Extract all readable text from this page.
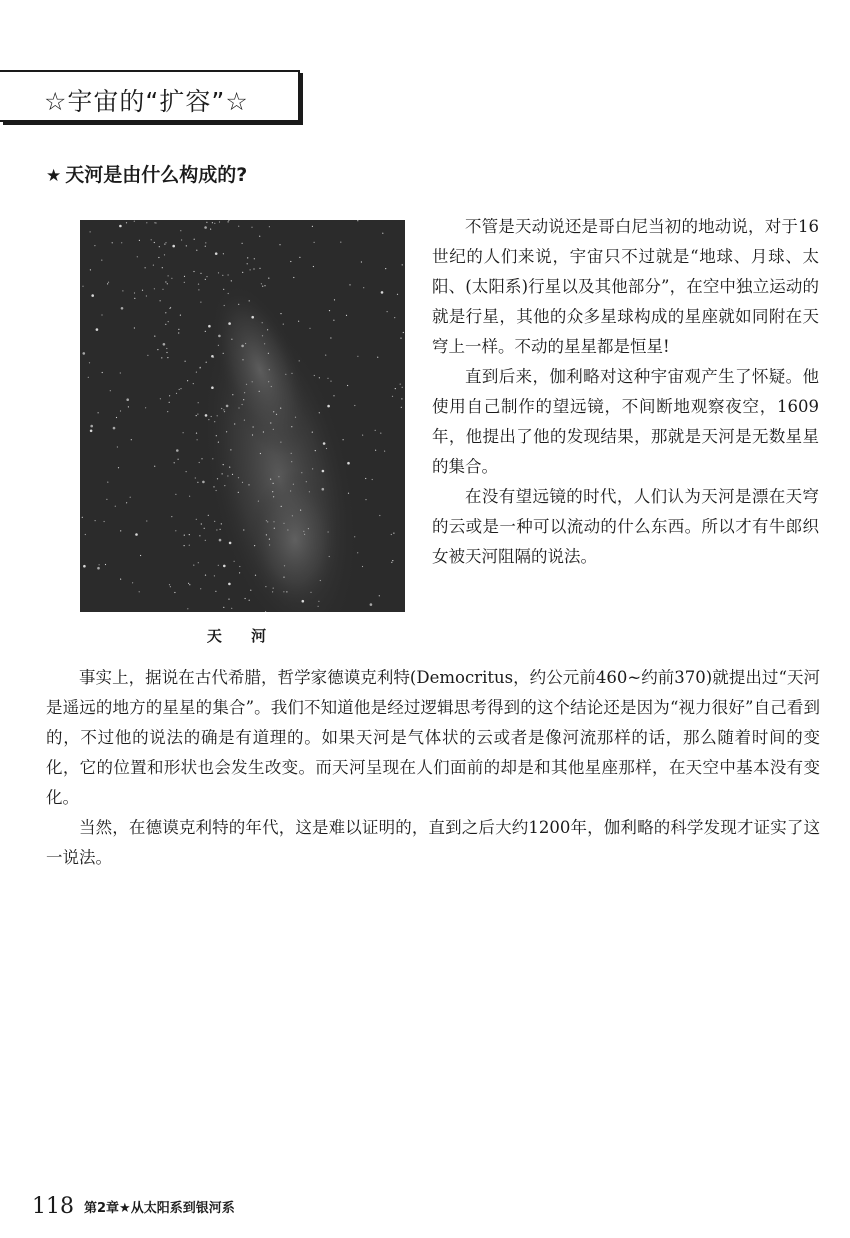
☆宇宙的“扩容”☆
★ 天河是由什么构成的?
天 河

不管是天动说还是哥白尼当初的地动说，对于16世纪的人们来说，宇宙只不过就是“地球、月球、太阳、(太阳系)行星以及其他部分”，在空中独立运动的就是行星，其他的众多星球构成的星座就如同附在天穹上一样。不动的星星都是恒星!

直到后来，伽利略对这种宇宙观产生了怀疑。他使用自己制作的望远镜，不间断地观察夜空，1609年，他提出了他的发现结果，那就是天河是无数星星的集合。

在没有望远镜的时代，人们认为天河是漂在天穹的云或是一种可以流动的什么东西。所以才有牛郎织女被天河阻隔的说法。

事实上，据说在古代希腊，哲学家德谟克利特(Democritus，约公元前460~约前370)就提出过“天河是遥远的地方的星星的集合”。我们不知道他是经过逻辑思考得到的这个结论还是因为“视力很好”自己看到的，不过他的说法的确是有道理的。如果天河是气体状的云或者是像河流那样的话，那么随着时间的变化，它的位置和形状也会发生改变。而天河呈现在人们面前的却是和其他星座那样，在天空中基本没有变化。

当然，在德谟克利特的年代，这是难以证明的，直到之后大约1200年，伽利略的科学发现才证实了这一说法。

118 第2章★从太阳系到银河系
